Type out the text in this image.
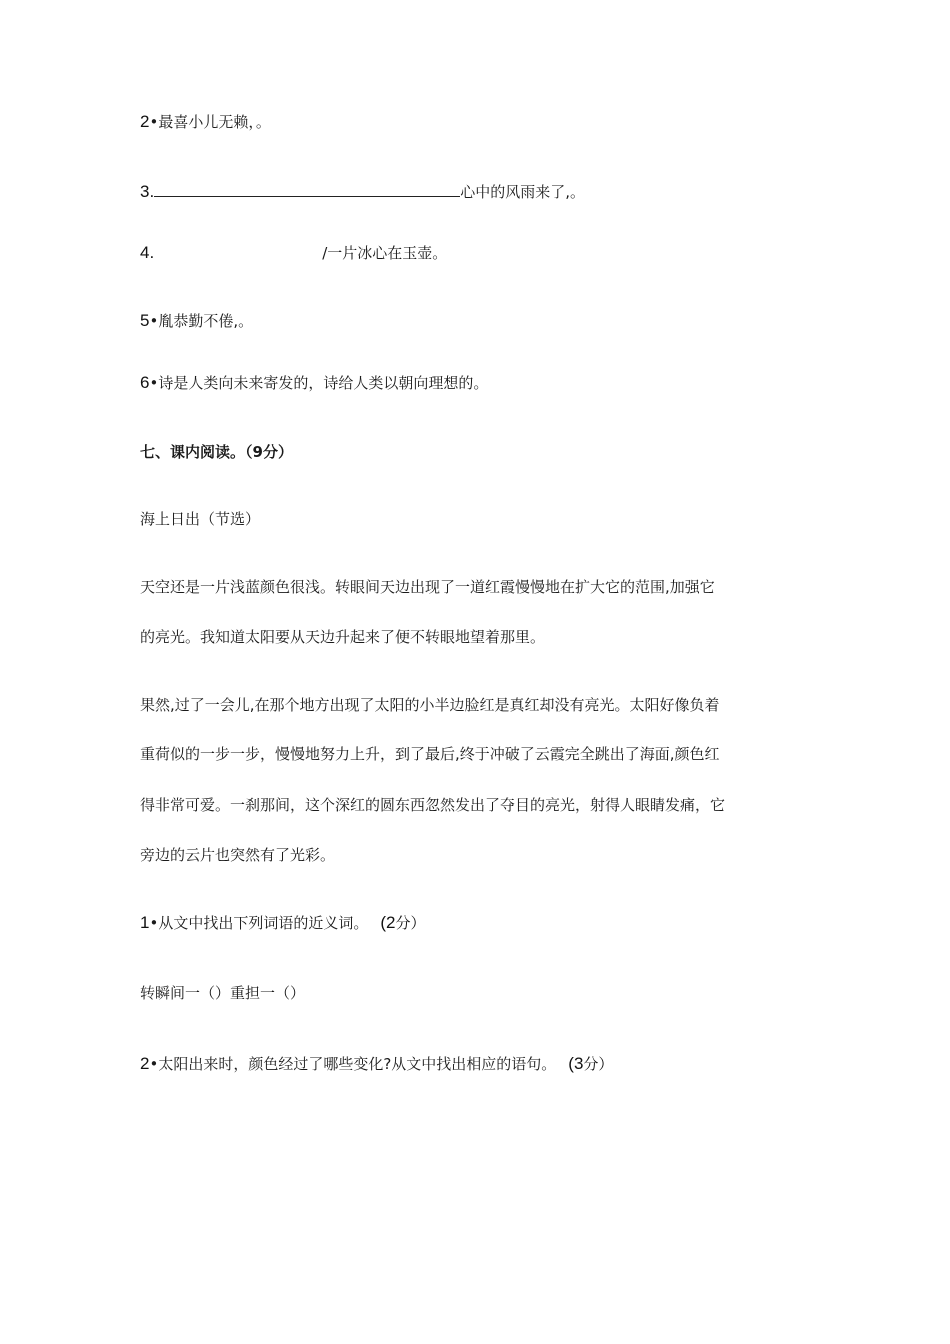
2•最喜小儿无赖，。
3.	心中的风雨来了,。
4.	/一片冰心在玉壶。
5•胤恭勤不倦,。
6•诗是人类向未来寄发的，诗给人类以朝向理想的。
七、课内阅读。（9分）
海上日出（节选）
天空还是一片浅蓝颜色很浅。转眼间天边出现了一道红霞慢慢地在扩大它的范围,加强它
的亮光。我知道太阳要从天边升起来了便不转眼地望着那里。
果然,过了一会儿,在那个地方出现了太阳的小半边脸红是真红却没有亮光。太阳好像负着
重荷似的一步一步，慢慢地努力上升，到了最后,终于冲破了云霞完全跳出了海面,颜色红
得非常可爱。一刹那间，这个深红的圆东西忽然发出了夺目的亮光，射得人眼睛发痛，它
旁边的云片也突然有了光彩。
1•从文中找出下列词语的近义词。 (2分）
转瞬间一（）重担一（）
2•太阳出来时，颜色经过了哪些变化?从文中找出相应的语句。 (3分）
